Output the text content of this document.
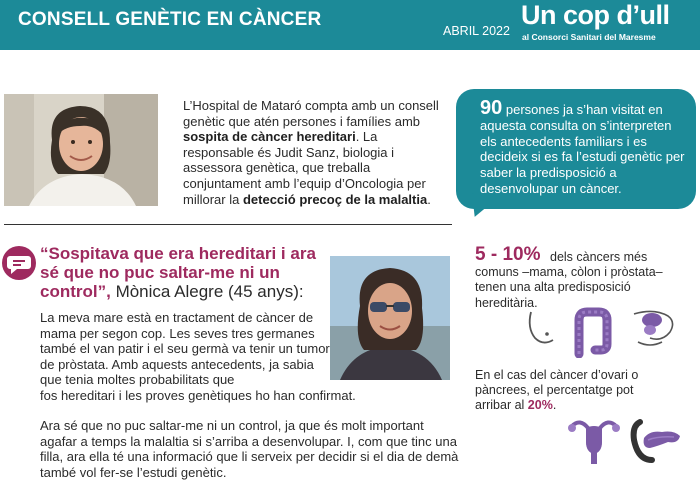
CONSELL GENÈTIC EN CÀNCER
ABRIL 2022
Un cop d’ull
al Consorci Sanitari del Maresme
L’Hospital de Mataró compta amb un consell genètic que atén persones i famílies amb sospita de càncer hereditari. La responsable és Judit Sanz, biologia i assessora genètica, que treballa conjuntament amb l’equip d’Oncologia per millorar la detecció precoç de la malaltia.
90 persones ja s’han visitat en aquesta consulta on s’interpreten els antecedents familiars i es decideix si es fa l’estudi genètic per saber la predisposició a desenvolupar un càncer.
“Sospitava que era hereditari i ara sé que no puc saltar-me ni un control”, Mònica Alegre (45 anys):
La meva mare està en tractament de càncer de mama per segon cop. Les seves tres germanes també el van patir i el seu germà va tenir un tumor de pròstata. Amb aquests antecedents, ja sabia que tenia moltes probabilitats que
fos hereditari i les proves genètiques ho han confirmat.
Ara sé que no puc saltar-me ni un control, ja que és molt important agafar a temps la malaltia si s’arriba a desenvolupar. I, com que tinc una filla, ara ella té una informació que li serveix per decidir si el dia de demà també vol fer-se l’estudi genètic.
5 - 10% dels càncers més comuns –mama, còlon i pròstata– tenen una alta predisposició hereditària.
En el cas del càncer d’ovari o pàncrees, el percentatge pot arribar al 20%.
